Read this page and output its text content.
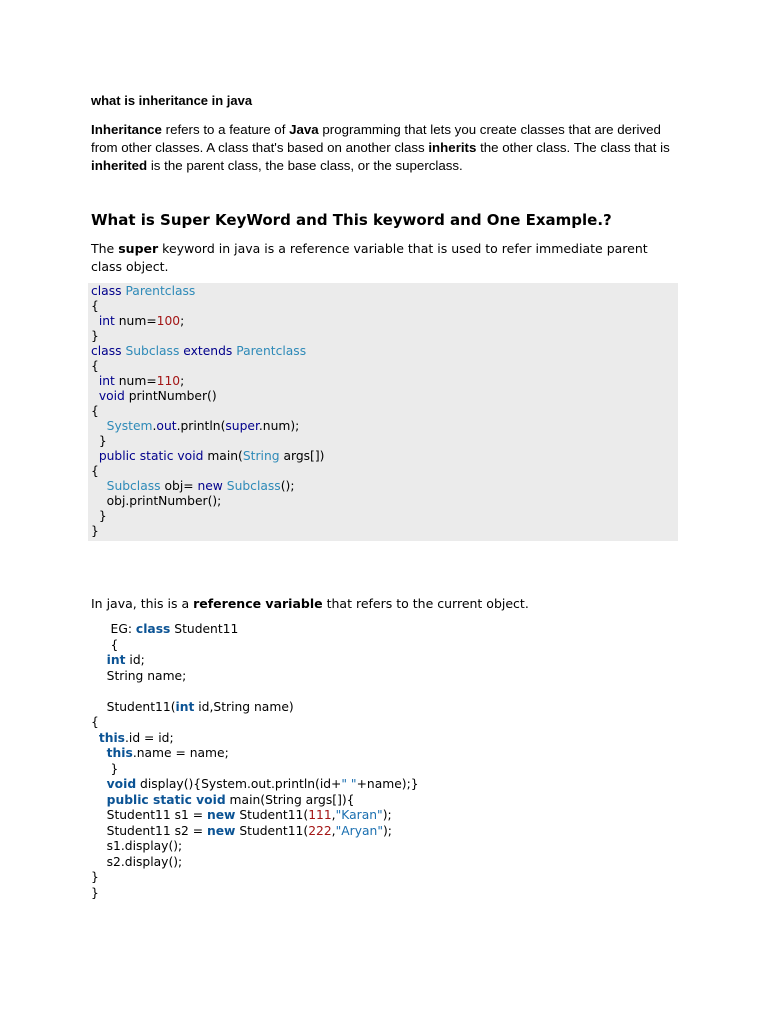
what is inheritance in java
Inheritance refers to a feature of Java programming that lets you create classes that are derived from other classes. A class that's based on another class inherits the other class. The class that is inherited is the parent class, the base class, or the superclass.
What is Super KeyWord and This keyword and One Example.?
The super keyword in java is a reference variable that is used to refer immediate parent class object.
class Parentclass
{
int num=100;
}
class Subclass extends Parentclass
{
int num=110;
void printNumber()
{
System.out.println(super.num);
}
public static void main(String args[])
{
Subclass obj= new Subclass();
obj.printNumber();
}
}
In java, this is a reference variable that refers to the current object.
EG: class Student11
{
int id;
String name;
Student11(int id,String name)
{
this.id = id;
this.name = name;
}
void display(){System.out.println(id+" "+name);}
public static void main(String args[]){
Student11 s1 = new Student11(111,"Karan");
Student11 s2 = new Student11(222,"Aryan");
s1.display();
s2.display();
}
}
